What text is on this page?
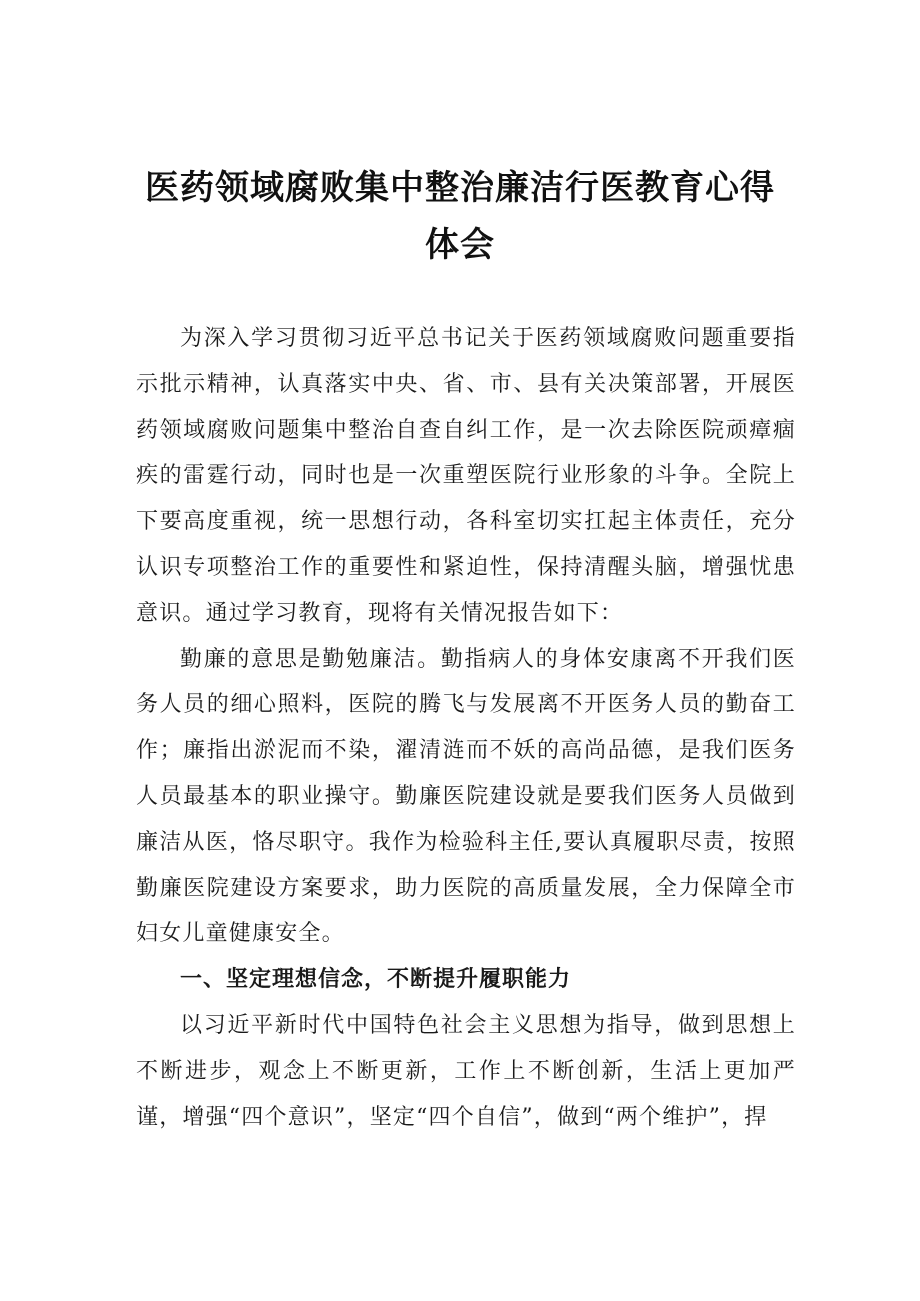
医药领域腐败集中整治廉洁行医教育心得
体会

为深入学习贯彻习近平总书记关于医药领域腐败问题重要指示批示精神，认真落实中央、省、市、县有关决策部署，开展医药领域腐败问题集中整治自查自纠工作，是一次去除医院顽瘴痼疾的雷霆行动，同时也是一次重塑医院行业形象的斗争。全院上下要高度重视，统一思想行动，各科室切实扛起主体责任，充分认识专项整治工作的重要性和紧迫性，保持清醒头脑，增强忧患意识。通过学习教育，现将有关情况报告如下：

勤廉的意思是勤勉廉洁。勤指病人的身体安康离不开我们医务人员的细心照料，医院的腾飞与发展离不开医务人员的勤奋工作；廉指出淤泥而不染，濯清涟而不妖的高尚品德，是我们医务人员最基本的职业操守。勤廉医院建设就是要我们医务人员做到廉洁从医，恪尽职守。我作为检验科主任,要认真履职尽责，按照勤廉医院建设方案要求，助力医院的高质量发展，全力保障全市妇女儿童健康安全。

一、坚定理想信念，不断提升履职能力

以习近平新时代中国特色社会主义思想为指导，做到思想上不断进步，观念上不断更新，工作上不断创新，生活上更加严谨，增强“四个意识”，坚定“四个自信”，做到“两个维护”，捍
